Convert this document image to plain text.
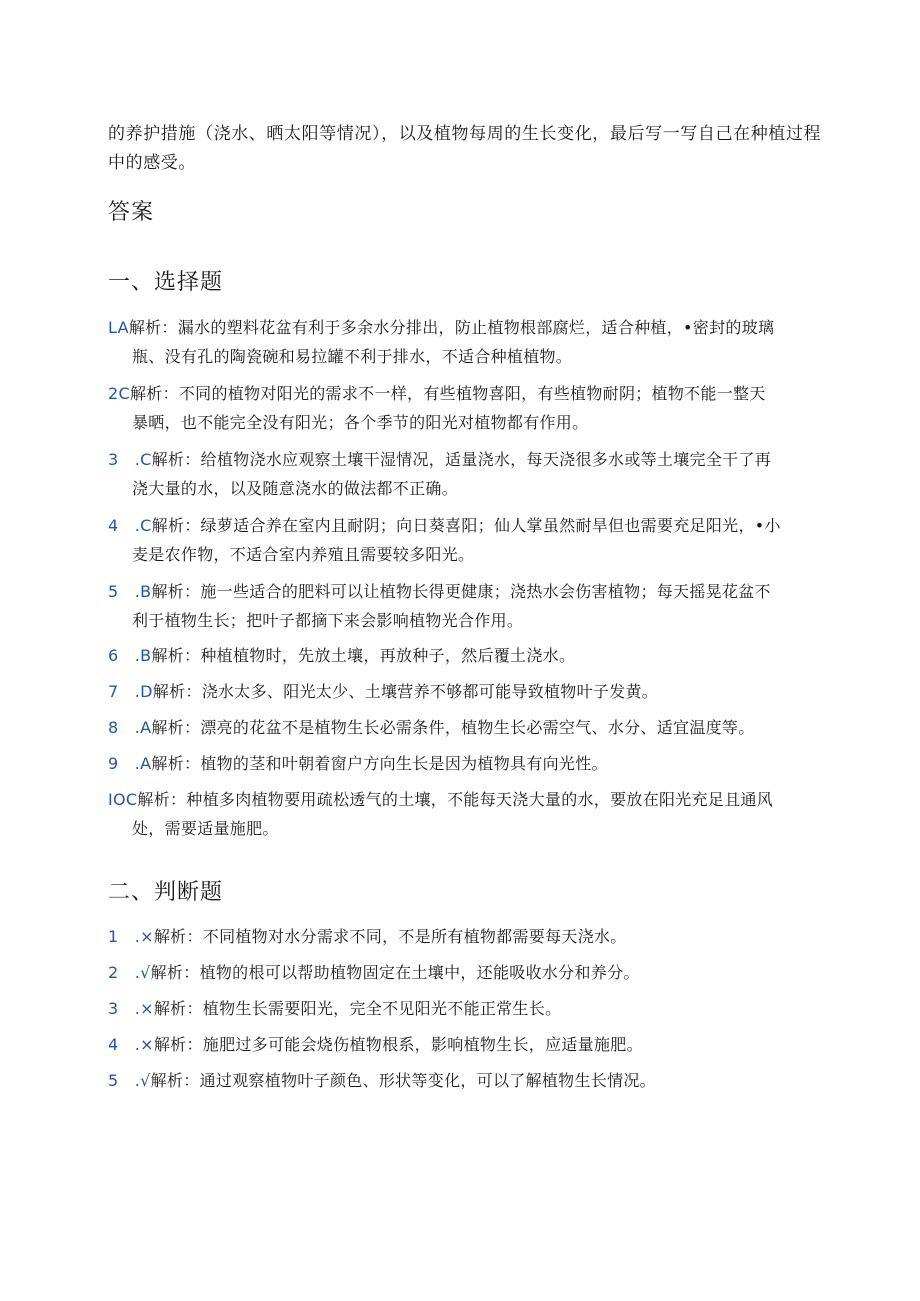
的养护措施（浇水、晒太阳等情况），以及植物每周的生长变化，最后写一写自己在种植过程
中的感受。
答案
一、选择题
LA解析：漏水的塑料花盆有利于多余水分排出，防止植物根部腐烂，适合种植，•密封的玻璃
瓶、没有孔的陶瓷碗和易拉罐不利于排水，不适合种植植物。
2C解析：不同的植物对阳光的需求不一样，有些植物喜阳，有些植物耐阴；植物不能一整天
暴晒，也不能完全没有阳光；各个季节的阳光对植物都有作用。
3　.C解析：给植物浇水应观察土壤干湿情况，适量浇水，每天浇很多水或等土壤完全干了再
浇大量的水，以及随意浇水的做法都不正确。
4　.C解析：绿萝适合养在室内且耐阴；向日葵喜阳；仙人掌虽然耐旱但也需要充足阳光，•小
麦是农作物，不适合室内养殖且需要较多阳光。
5　.B解析：施一些适合的肥料可以让植物长得更健康；浇热水会伤害植物；每天摇晃花盆不
利于植物生长；把叶子都摘下来会影响植物光合作用。
6　.B解析：种植植物时，先放土壤，再放种子，然后覆土浇水。
7　.D解析：浇水太多、阳光太少、土壤营养不够都可能导致植物叶子发黄。
8　.A解析：漂亮的花盆不是植物生长必需条件，植物生长必需空气、水分、适宜温度等。
9　.A解析：植物的茎和叶朝着窗户方向生长是因为植物具有向光性。
IOC解析：种植多肉植物要用疏松透气的土壤，不能每天浇大量的水，要放在阳光充足且通风
处，需要适量施肥。
二、判断题
1　.×解析：不同植物对水分需求不同，不是所有植物都需要每天浇水。
2　.√解析：植物的根可以帮助植物固定在土壤中，还能吸收水分和养分。
3　.×解析：植物生长需要阳光，完全不见阳光不能正常生长。
4　.×解析：施肥过多可能会烧伤植物根系，影响植物生长，应适量施肥。
5　.√解析：通过观察植物叶子颜色、形状等变化，可以了解植物生长情况。
